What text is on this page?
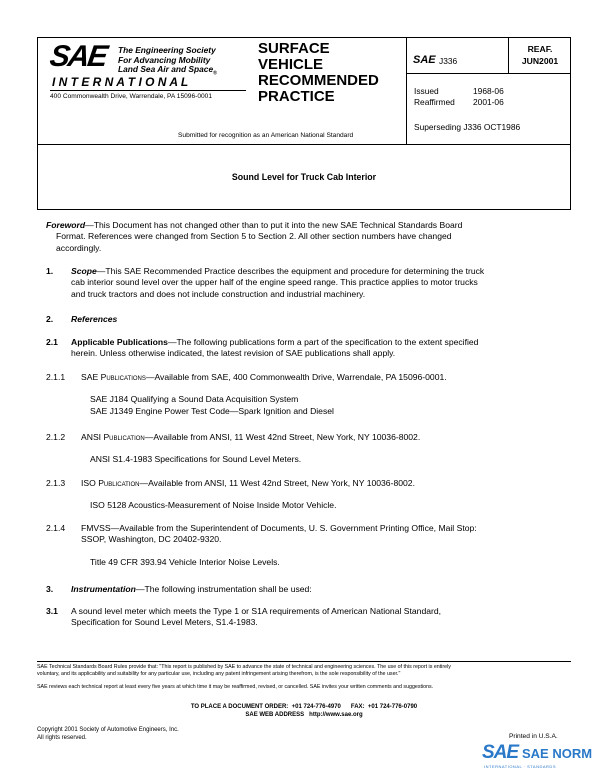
SAE The Engineering Society
For Advancing Mobility
Land Sea Air and Space$_®$
I N T E R N A T I O N A L
400 Commonwealth Drive, Warrendale, PA 15096-0001
SURFACE
VEHICLE
RECOMMENDED
PRACTICE
Submitted for recognition as an American National Standard
SAE J336
REAF.
JUN2001
Issued	1968-06
Reaffirmed 2001-06
Superseding J336 OCT1986
Sound Level for Truck Cab Interior
Foreword—This Document has not changed other than to put it into the new SAE Technical Standards Board
Format. References were changed from Section 5 to Section 2. All other section numbers have changed
accordingly.
1. Scope—This SAE Recommended Practice describes the equipment and procedure for determining the truck
cab interior sound level over the upper half of the engine speed range. This practice applies to motor trucks
and truck tractors and does not include construction and industrial machinery.
2. References
2.1 Applicable Publications—The following publications form a part of the specification to the extent specified
herein. Unless otherwise indicated, the latest revision of SAE publications shall apply.
2.1.1 SAE Publications—Available from SAE, 400 Commonwealth Drive, Warrendale, PA 15096-0001.
SAE J184 Qualifying a Sound Data Acquisition System
SAE J1349 Engine Power Test Code—Spark Ignition and Diesel
2.1.2 ANSI Publication—Available from ANSI, 11 West 42nd Street, New York, NY 10036-8002.
ANSI S1.4-1983 Specifications for Sound Level Meters.
2.1.3 ISO Publication—Available from ANSI, 11 West 42nd Street, New York, NY 10036-8002.
ISO 5128 Acoustics-Measurement of Noise Inside Motor Vehicle.
2.1.4 FMVSS—Available from the Superintendent of Documents, U. S. Government Printing Office, Mail Stop:
SSOP, Washington, DC 20402-9320.
Title 49 CFR 393.94 Vehicle Interior Noise Levels.
3. Instrumentation—The following instrumentation shall be used:
3.1 A sound level meter which meets the Type 1 or S1A requirements of American National Standard,
Specification for Sound Level Meters, S1.4-1983.
SAE Technical Standards Board Rules provide that: "This report is published by SAE to advance the state of technical and engineering sciences. The use of this report is entirely
voluntary, and its applicability and suitability for any particular use, including any patent infringement arising therefrom, is the sole responsibility of the user."
SAE reviews each technical report at least every five years at which time it may be reaffirmed, revised, or cancelled. SAE invites your written comments and suggestions.
TO PLACE A DOCUMENT ORDER: +01 724-776-4970 FAX: +01 724-776-0790
SAE WEB ADDRESS http://www.sae.org
Copyright 2001 Society of Automotive Engineers, Inc.
All rights reserved.	Printed in U.S.A.
SAE SAE NORM
INTERNATIONAL · STANDARDS
